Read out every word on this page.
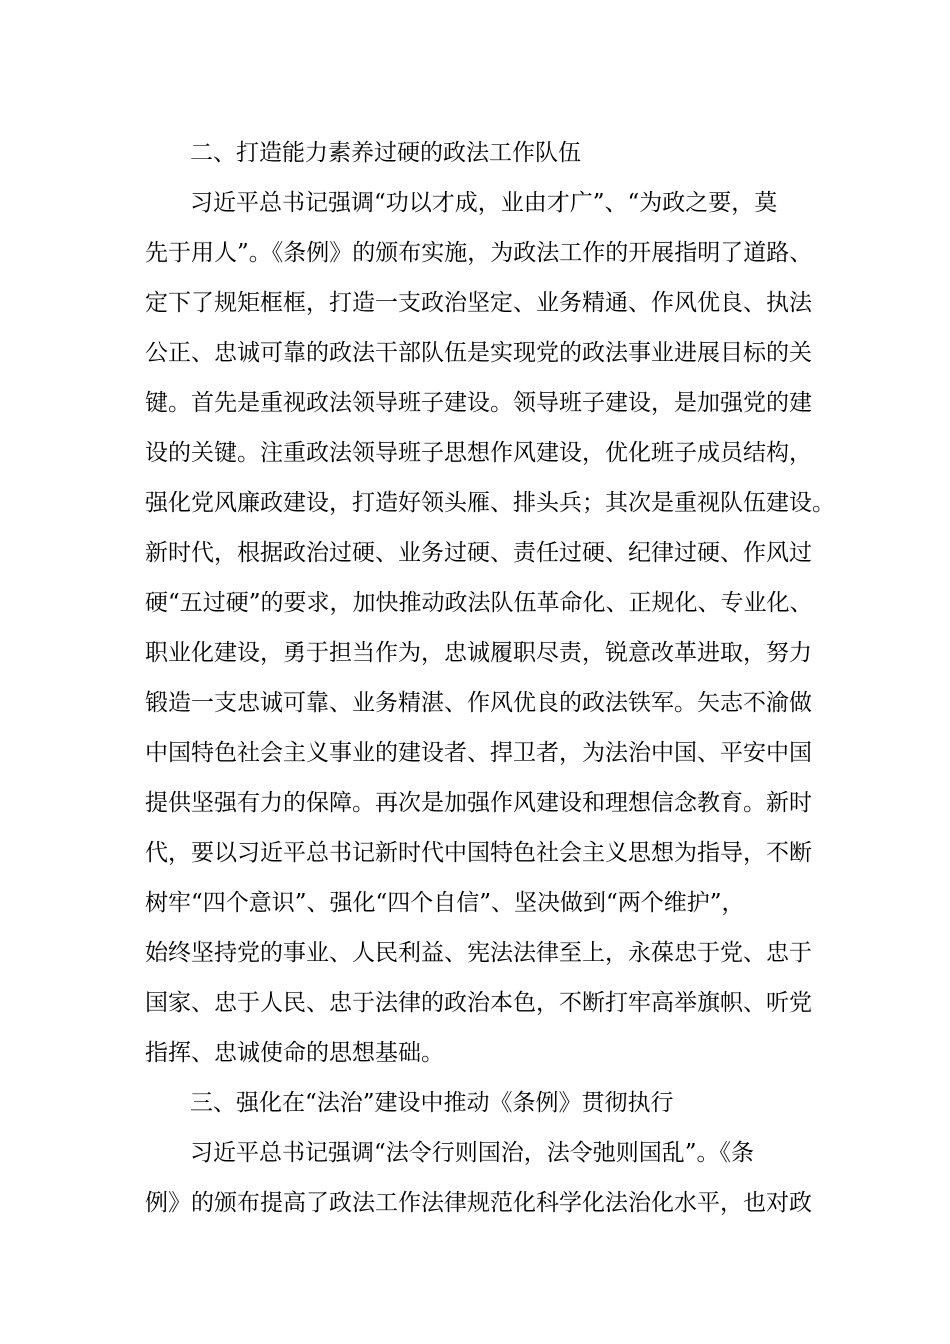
二、打造能力素养过硬的政法工作队伍
习近平总书记强调“功以才成，业由才广”、“为政之要，莫
先于用人”。《条例》的颁布实施，为政法工作的开展指明了道路、
定下了规矩框框，打造一支政治坚定、业务精通、作风优良、执法
公正、忠诚可靠的政法干部队伍是实现党的政法事业进展目标的关
键。首先是重视政法领导班子建设。领导班子建设，是加强党的建
设的关键。注重政法领导班子思想作风建设，优化班子成员结构，
强化党风廉政建设，打造好领头雁、排头兵；其次是重视队伍建设。
新时代，根据政治过硬、业务过硬、责任过硬、纪律过硬、作风过
硬“五过硬”的要求，加快推动政法队伍革命化、正规化、专业化、
职业化建设，勇于担当作为，忠诚履职尽责，锐意改革进取，努力
锻造一支忠诚可靠、业务精湛、作风优良的政法铁军。矢志不渝做
中国特色社会主义事业的建设者、捍卫者，为法治中国、平安中国
提供坚强有力的保障。再次是加强作风建设和理想信念教育。新时
代，要以习近平总书记新时代中国特色社会主义思想为指导，不断
树牢“四个意识”、强化“四个自信”、坚决做到“两个维护”，
始终坚持党的事业、人民利益、宪法法律至上，永葆忠于党、忠于
国家、忠于人民、忠于法律的政治本色，不断打牢高举旗帜、听党
指挥、忠诚使命的思想基础。
三、强化在“法治”建设中推动《条例》贯彻执行
习近平总书记强调“法令行则国治，法令弛则国乱”。《条
例》的颁布提高了政法工作法律规范化科学化法治化水平，也对政
